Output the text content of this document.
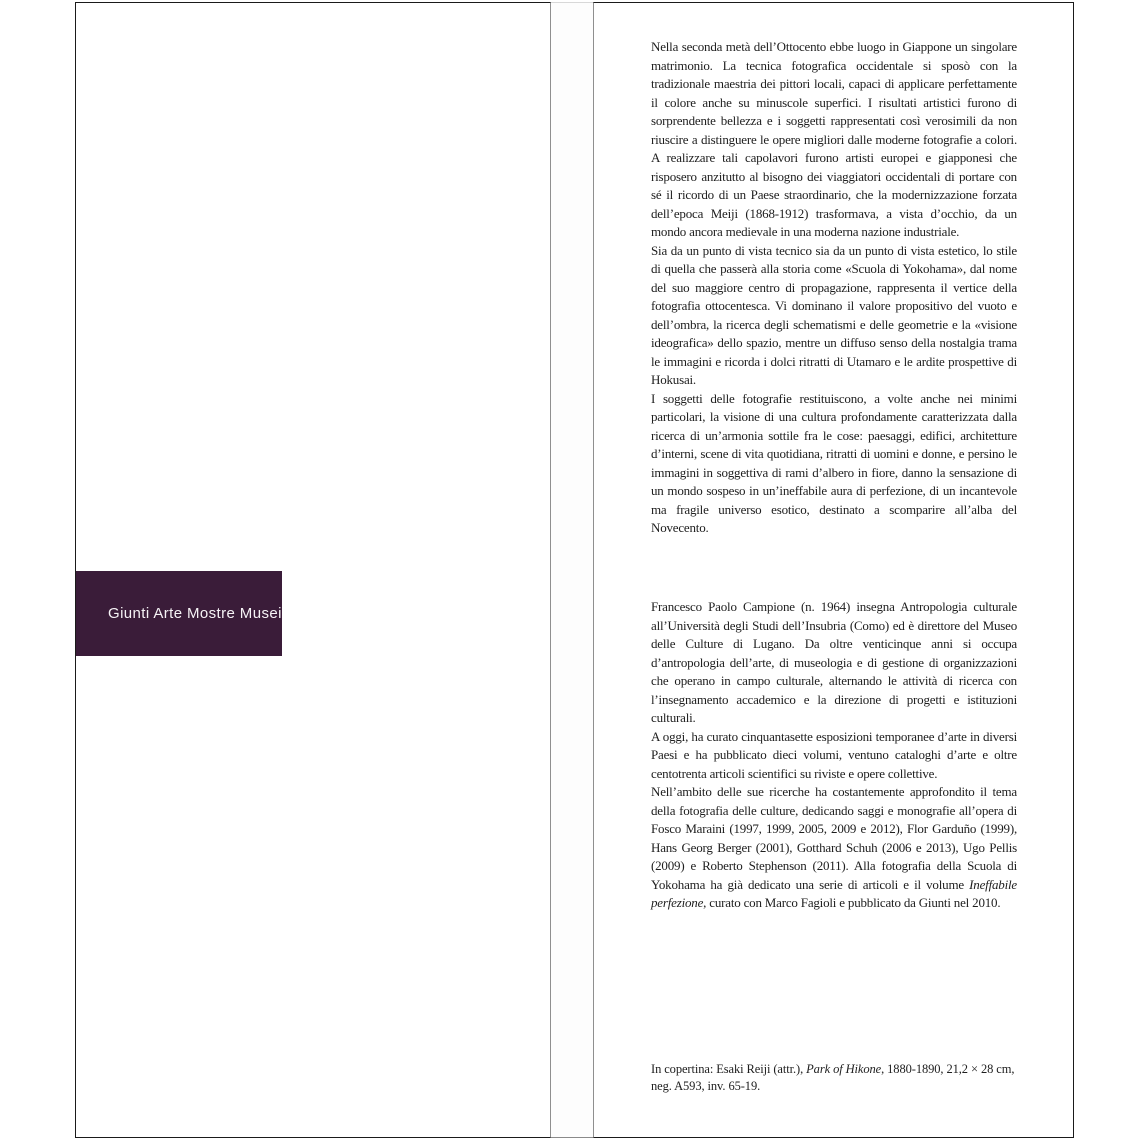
Giunti Arte Mostre Musei

Nella seconda metà dell’Ottocento ebbe luogo in Giappone un singolare matrimonio. La tecnica fotografica occidentale si sposò con la tradizionale maestria dei pittori locali, capaci di applicare perfettamente il colore anche su minuscole superfici. I risultati artistici furono di sorprendente bellezza e i soggetti rappresentati così verosimili da non riuscire a distinguere le opere migliori dalle moderne fotografie a colori. A realizzare tali capolavori furono artisti europei e giapponesi che risposero anzitutto al bisogno dei viaggiatori occidentali di portare con sé il ricordo di un Paese straordinario, che la modernizzazione forzata dell’epoca Meiji (1868-1912) trasformava, a vista d’occhio, da un mondo ancora medievale in una moderna nazione industriale.

Sia da un punto di vista tecnico sia da un punto di vista estetico, lo stile di quella che passerà alla storia come «Scuola di Yokohama», dal nome del suo maggiore centro di propagazione, rappresenta il vertice della fotografia ottocentesca. Vi dominano il valore propositivo del vuoto e dell’ombra, la ricerca degli schematismi e delle geometrie e la «visione ideografica» dello spazio, mentre un diffuso senso della nostalgia trama le immagini e ricorda i dolci ritratti di Utamaro e le ardite prospettive di Hokusai.

I soggetti delle fotografie restituiscono, a volte anche nei minimi particolari, la visione di una cultura profondamente caratterizzata dalla ricerca di un’armonia sottile fra le cose: paesaggi, edifici, architetture d’interni, scene di vita quotidiana, ritratti di uomini e donne, e persino le immagini in soggettiva di rami d’albero in fiore, danno la sensazione di un mondo sospeso in un’ineffabile aura di perfezione, di un incantevole ma fragile universo esotico, destinato a scomparire all’alba del Novecento.

Francesco Paolo Campione (n. 1964) insegna Antropologia culturale all’Università degli Studi dell’Insubria (Como) ed è direttore del Museo delle Culture di Lugano. Da oltre venticinque anni si occupa d’antropologia dell’arte, di museologia e di gestione di organizzazioni che operano in campo culturale, alternando le attività di ricerca con l’insegnamento accademico e la direzione di progetti e istituzioni culturali.

A oggi, ha curato cinquantasette esposizioni temporanee d’arte in diversi Paesi e ha pubblicato dieci volumi, ventuno cataloghi d’arte e oltre centotrenta articoli scientifici su riviste e opere collettive.

Nell’ambito delle sue ricerche ha costantemente approfondito il tema della fotografia delle culture, dedicando saggi e monografie all’opera di Fosco Maraini (1997, 1999, 2005, 2009 e 2012), Flor Garduño (1999), Hans Georg Berger (2001), Gotthard Schuh (2006 e 2013), Ugo Pellis (2009) e Roberto Stephenson (2011). Alla fotografia della Scuola di Yokohama ha già dedicato una serie di articoli e il volume Ineffabile perfezione, curato con Marco Fagioli e pubblicato da Giunti nel 2010.

In copertina: Esaki Reiji (attr.), Park of Hikone, 1880-1890, 21,2 × 28 cm, neg. A593, inv. 65-19.
